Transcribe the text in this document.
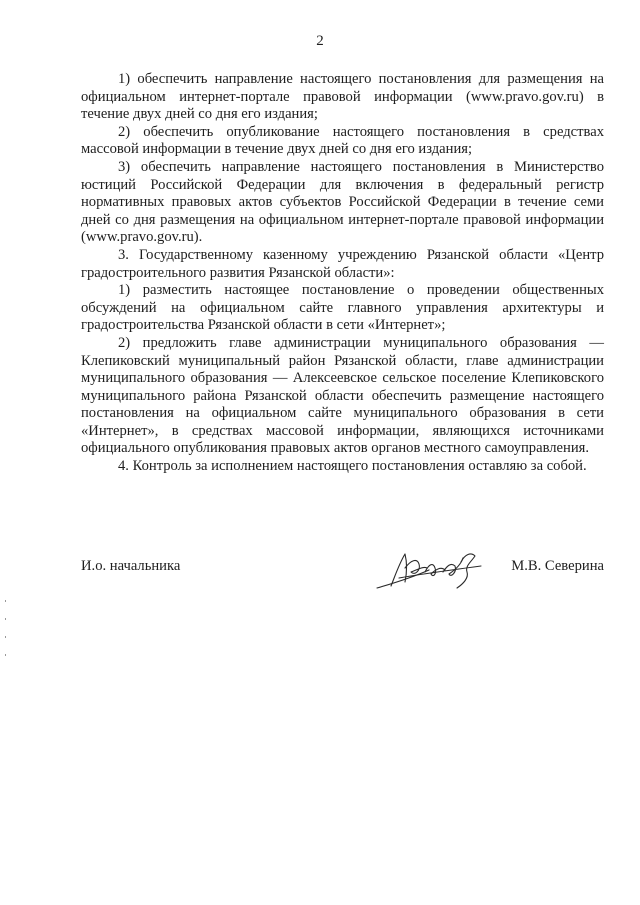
2

1) обеспечить направление настоящего постановления для размещения на официальном интернет-портале правовой информации (www.pravo.gov.ru) в течение двух дней со дня его издания;

2) обеспечить опубликование настоящего постановления в средствах массовой информации в течение двух дней со дня его издания;

3) обеспечить направление настоящего постановления в Министерство юстиций Российской Федерации для включения в федеральный регистр нормативных правовых актов субъектов Российской Федерации в течение семи дней со дня размещения на официальном интернет-портале правовой информации (www.pravo.gov.ru).

3. Государственному казенному учреждению Рязанской области «Центр градостроительного развития Рязанской области»:

1) разместить настоящее постановление о проведении общественных обсуждений на официальном сайте главного управления архитектуры и градостроительства Рязанской области в сети «Интернет»;

2) предложить главе администрации муниципального образования — Клепиковский муниципальный район Рязанской области, главе администрации муниципального образования — Алексеевское сельское поселение Клепиковского муниципального района Рязанской области обеспечить размещение настоящего постановления на официальном сайте муниципального образования в сети «Интернет», в средствах массовой информации, являющихся источниками официального опубликования правовых актов органов местного самоуправления.

4. Контроль за исполнением настоящего постановления оставляю за собой.

И.о. начальника	М.В. Северина
